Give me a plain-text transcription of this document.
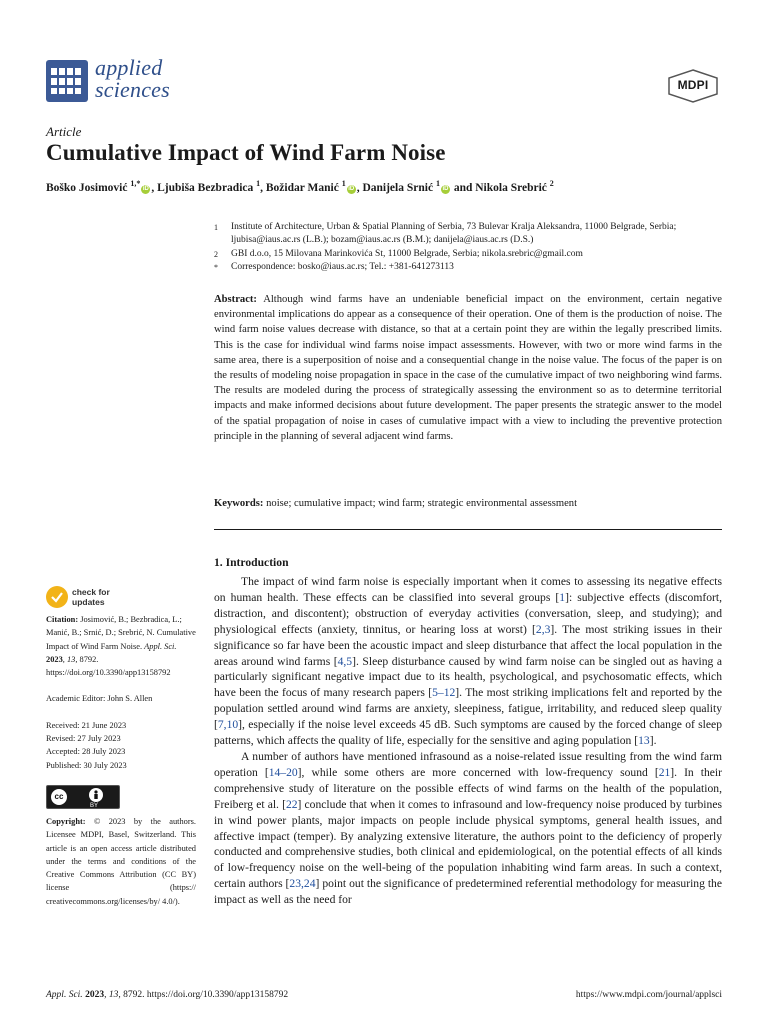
applied
sciences	MDPI
Article
Cumulative Impact of Wind Farm Noise
Boško Josimović $^{1,*}$iD , Ljubiša Bezbradica $^1$, Božidar Manić $^1$iD , Danijela Srnić $^1$iD and Nikola Srebrić $^2$
1	Institute of Architecture, Urban & Spatial Planning of Serbia, 73 Bulevar Kralja Aleksandra, 11000 Belgrade, Serbia; ljubisa@iaus.ac.rs (L.B.); bozam@iaus.ac.rs (B.M.); danijela@iaus.ac.rs (D.S.)
2	GBI d.o.o, 15 Milovana Marinkovića St, 11000 Belgrade, Serbia; nikola.srebric@gmail.com
*	Correspondence: bosko@iaus.ac.rs; Tel.: +381-641273113

Abstract: Although wind farms have an undeniable beneficial impact on the environment, certain negative environmental implications do appear as a consequence of their operation. One of them is the production of noise. The wind farm noise values decrease with distance, so that at a certain point they are within the legally prescribed limits. This is the case for individual wind farms noise impact assessments. However, with two or more wind farms in the same area, there is a superposition of noise and a consequential change in the noise value. The focus of the paper is on the results of modeling noise propagation in space in the case of the cumulative impact of two neighboring wind farms. The results are modeled during the process of strategically assessing the environment so as to determine territorial impacts and make informed decisions about future development. The paper presents the strategic answer to the model of the spatial propagation of noise in cases of cumulative impact with a view to including the preventive protection principle in the planning of several adjacent wind farms.

Keywords: noise; cumulative impact; wind farm; strategic environmental assessment

check for
updates

Citation: Josimović, B.; Bezbradica, L.; Manić, B.; Srnić, D.; Srebrić, N. Cumulative Impact of Wind Farm Noise. Appl. Sci. 2023, 13, 8792. https://doi.org/10.3390/app13158792

Academic Editor: John S. Allen

Received: 21 June 2023

Revised: 27 July 2023

Accepted: 28 July 2023

Published: 30 July 2023

cc
BY

Copyright: © 2023 by the authors. Licensee MDPI, Basel, Switzerland. This article is an open access article distributed under the terms and conditions of the Creative Commons Attribution (CC BY) license (https:// creativecommons.org/licenses/by/ 4.0/).

1. Introduction

The impact of wind farm noise is especially important when it comes to assessing its negative effects on human health. These effects can be classified into several groups [1]: subjective effects (discomfort, distraction, and discontent); obstruction of everyday activities (conversation, sleep, and studying); and physiological effects (anxiety, tinnitus, or hearing loss at worst) [2,3]. The most striking issues in their significance so far have been the acoustic impact and sleep disturbance that affect the local population in the areas around wind farms [4,5]. Sleep disturbance caused by wind farm noise can be singled out as having a particularly significant negative impact due to its health, psychological, and psychosomatic effects, which have been the focus of many research papers [5–12]. The most striking implications felt and reported by the population settled around wind farms are anxiety, sleepiness, fatigue, irritability, and reduced sleep quality [7,10], especially if the noise level exceeds 45 dB. Such symptoms are caused by the forced change of sleep patterns, which affects the quality of life, especially for the sensitive and aging population [13].

A number of authors have mentioned infrasound as a noise-related issue resulting from the wind farm operation [14–20], while some others are more concerned with low-frequency sound [21]. In their comprehensive study of literature on the possible effects of wind farms on the health of the population, Freiberg et al. [22] conclude that when it comes to infrasound and low-frequency noise produced by turbines in wind power plants, major impacts on people include physical symptoms, general health issues, and affective impact (temper). By analyzing extensive literature, the authors point to the deficiency of properly conducted and comprehensive studies, both clinical and epidemiological, on the potential effects of all kinds of low-frequency noise on the well-being of the population inhabiting wind farm areas. In such a context, certain authors [23,24] point out the significance of predetermined referential methodology for measuring the impact as well as the need for

Appl. Sci. 2023, 13, 8792. https://doi.org/10.3390/app13158792	https://www.mdpi.com/journal/applsci
